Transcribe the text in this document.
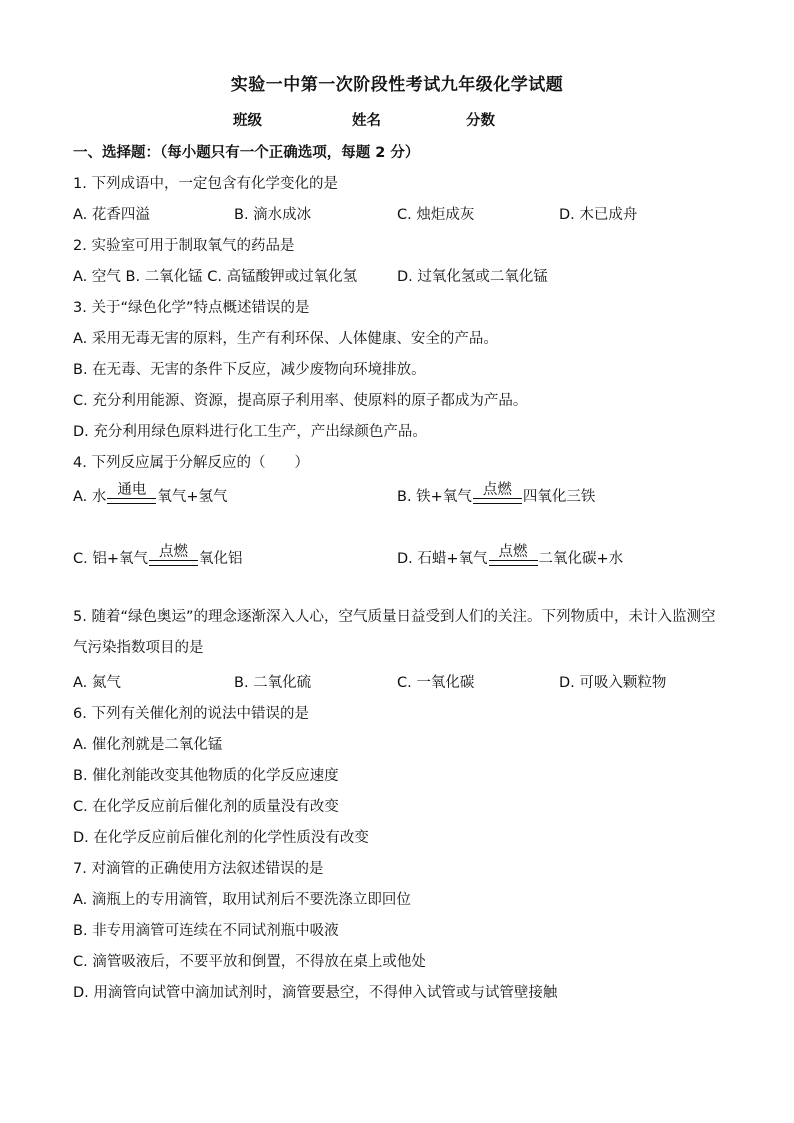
实验一中第一次阶段性考试九年级化学试题
班级	姓名	分数
一、选择题：（每小题只有一个正确选项，每题 2 分）
1. 下列成语中，一定包含有化学变化的是
A. 花香四溢	B. 滴水成冰	C. 烛炬成灰	D. 木已成舟
2. 实验室可用于制取氧气的药品是
A. 空气 B. 二氧化锰 C. 高锰酸钾或过氧化氢	D. 过氧化氢或二氧化锰
3. 关于“绿色化学”特点概述错误的是
A. 采用无毒无害的原料，生产有利环保、人体健康、安全的产品。
B. 在无毒、无害的条件下反应，减少废物向环境排放。
C. 充分利用能源、资源，提高原子利用率、使原料的原子都成为产品。
D. 充分利用绿色原料进行化工生产，产出绿颜色产品。
4. 下列反应属于分解反应的（　　）
A. 水 通电 氧气+氢气	B. 铁+氧气 点燃 四氧化三铁
C. 铝+氧气 点燃 氧化铝	D. 石蜡+氧气 点燃 二氧化碳+水
5. 随着“绿色奥运”的理念逐渐深入人心，空气质量日益受到人们的关注。下列物质中，未计入监测空气污染指数项目的是
A. 氮气	B. 二氧化硫	C. 一氧化碳	D. 可吸入颗粒物
6. 下列有关催化剂的说法中错误的是
A. 催化剂就是二氧化锰
B. 催化剂能改变其他物质的化学反应速度
C. 在化学反应前后催化剂的质量没有改变
D. 在化学反应前后催化剂的化学性质没有改变
7. 对滴管的正确使用方法叙述错误的是
A. 滴瓶上的专用滴管，取用试剂后不要洗涤立即回位
B. 非专用滴管可连续在不同试剂瓶中吸液
C. 滴管吸液后，不要平放和倒置，不得放在桌上或他处
D. 用滴管向试管中滴加试剂时，滴管要悬空，不得伸入试管或与试管壁接触
